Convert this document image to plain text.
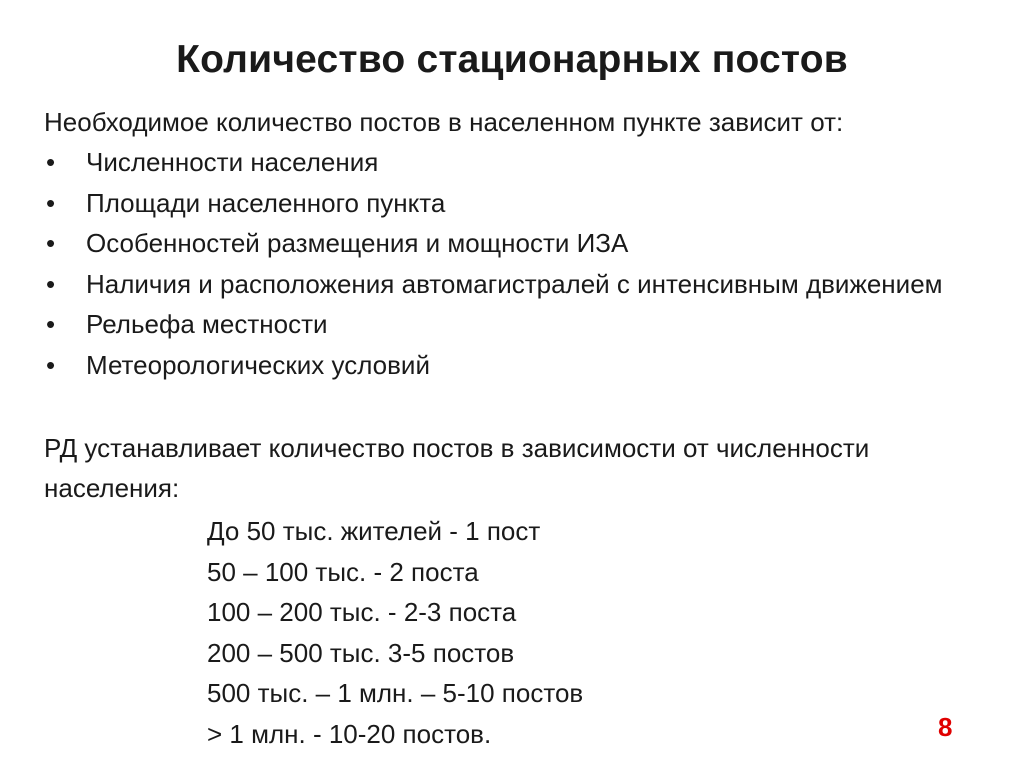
Количество стационарных постов
Необходимое количество постов в населенном пункте зависит от:
• Численности населения
• Площади населенного пункта
• Особенностей размещения и мощности ИЗА
• Наличия и расположения автомагистралей с интенсивным движением
• Рельефа местности
• Метеорологических условий
РД устанавливает количество постов в зависимости от численности населения:
До 50 тыс. жителей - 1 пост
50 – 100 тыс. - 2 поста
100 – 200 тыс. - 2-3 поста
200 – 500 тыс. 3-5 постов
500 тыс. – 1 млн. – 5-10 постов
> 1 млн. - 10-20 постов.	8
